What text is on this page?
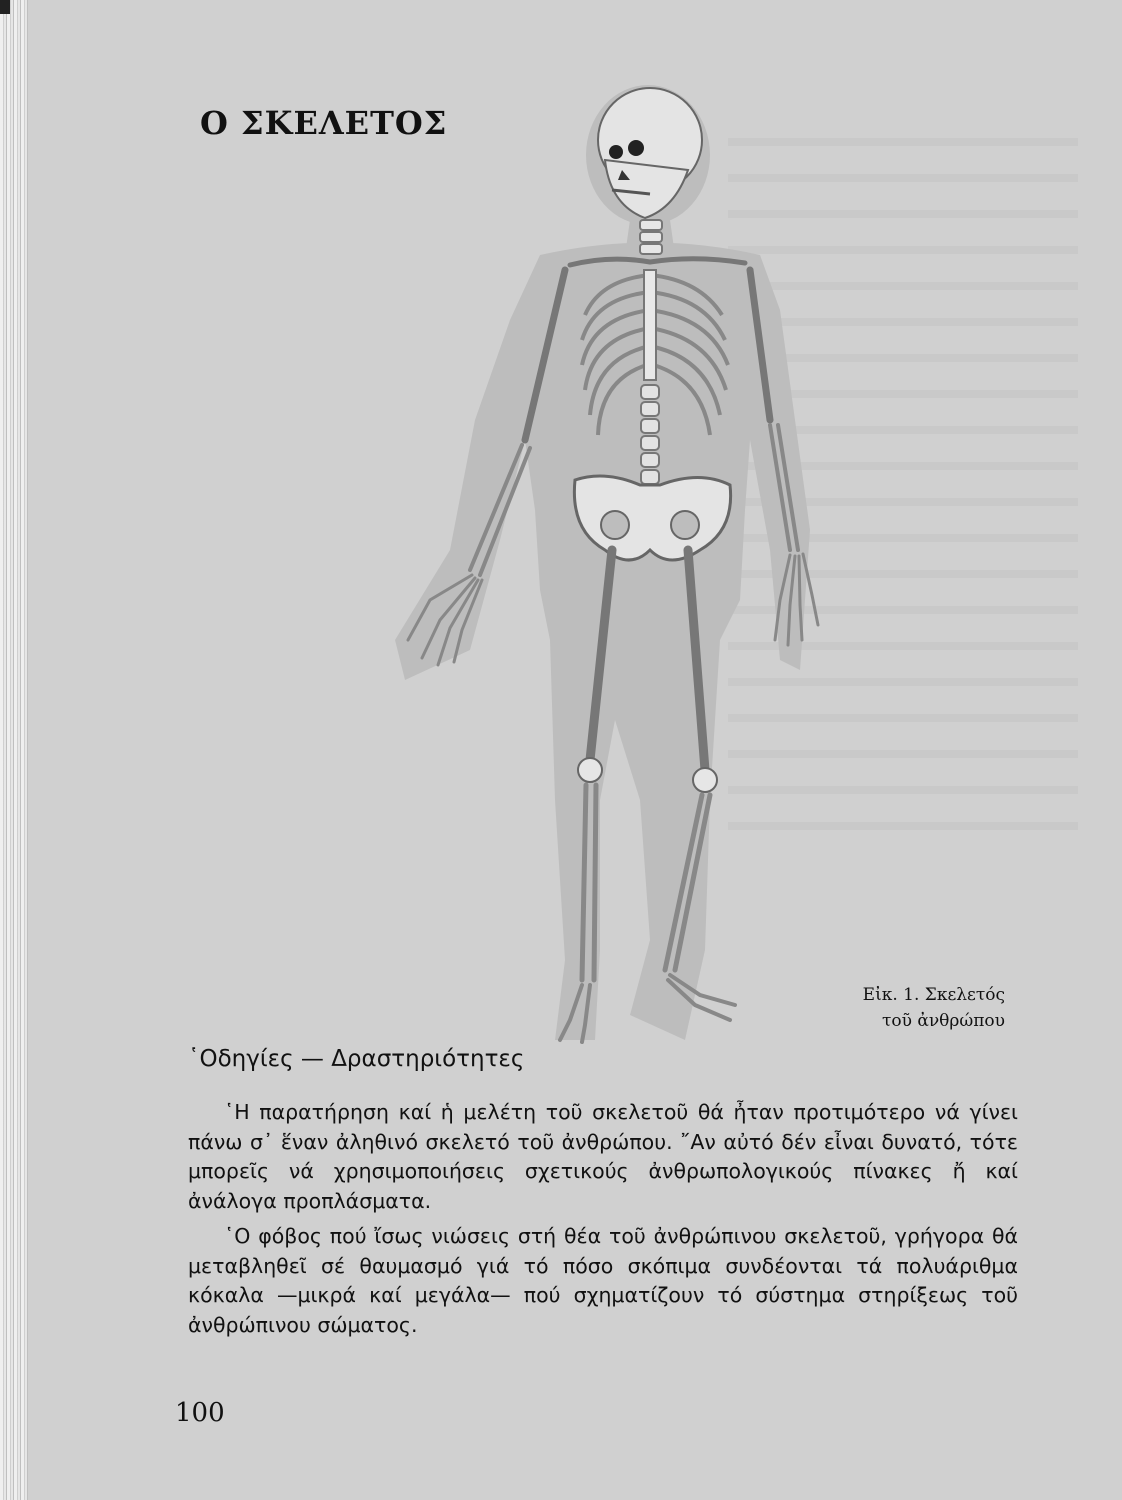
Ο ΣΚΕΛΕΤΟΣ
Εἰκ. 1. Σκελετός
τοῦ ἀνθρώπου
῾Οδηγίες — Δραστηριότητες

῾Η παρατήρηση καί ἡ μελέτη τοῦ σκελετοῦ θά ἦταν προτιμότερο νά γίνει πάνω σ᾽ ἕναν ἀληθινό σκελετό τοῦ ἀνθρώπου. ῎Αν αὐτό δέν εἶναι δυνατό, τότε μπορεῖς νά χρησιμοποιήσεις σχετικούς ἀνθρωπολογικούς πίνακες ἤ καί ἀνάλογα προπλάσματα.

῾Ο φόβος πού ἴσως νιώσεις στή θέα τοῦ ἀνθρώπινου σκελετοῦ, γρήγορα θά μεταβληθεῖ σέ θαυμασμό γιά τό πόσο σκόπιμα συνδέονται τά πολυάριθμα κόκαλα —μικρά καί μεγάλα— πού σχηματίζουν τό σύστημα στηρίξεως τοῦ ἀνθρώπινου σώματος.

100
